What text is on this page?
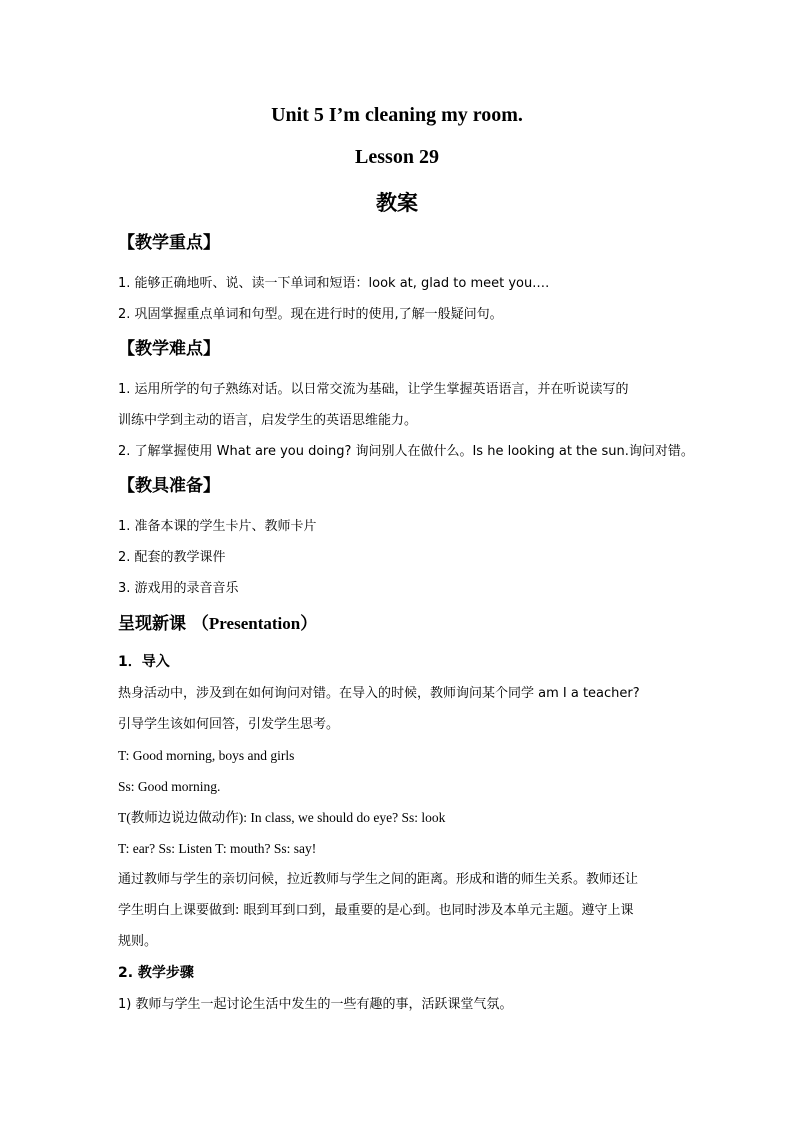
Unit 5 I’m cleaning my room.
Lesson 29
教案
【教学重点】
1. 能够正确地听、说、读一下单词和短语：look at, glad to meet you.…
2. 巩固掌握重点单词和句型。现在进行时的使用,了解一般疑问句。
【教学难点】
1. 运用所学的句子熟练对话。以日常交流为基础，让学生掌握英语语言，并在听说读写的
训练中学到主动的语言，启发学生的英语思维能力。
2. 了解掌握使用 What are you doing? 询问别人在做什么。Is he looking at the sun.询问对错。
【教具准备】
1. 准备本课的学生卡片、教师卡片
2. 配套的教学课件
3. 游戏用的录音音乐
呈现新课 （Presentation）
1．导入
热身活动中，涉及到在如何询问对错。在导入的时候，教师询问某个同学 am I a teacher?
引导学生该如何回答，引发学生思考。
T: Good morning, boys and girls
Ss: Good morning.
T(教师边说边做动作): In class, we should do eye? Ss: look
T: ear? Ss: Listen T: mouth? Ss: say!
通过教师与学生的亲切问候，拉近教师与学生之间的距离。形成和谐的师生关系。教师还让
学生明白上课要做到: 眼到耳到口到，最重要的是心到。也同时涉及本单元主题。遵守上课
规则。
2. 教学步骤
1) 教师与学生一起讨论生活中发生的一些有趣的事，活跃课堂气氛。
